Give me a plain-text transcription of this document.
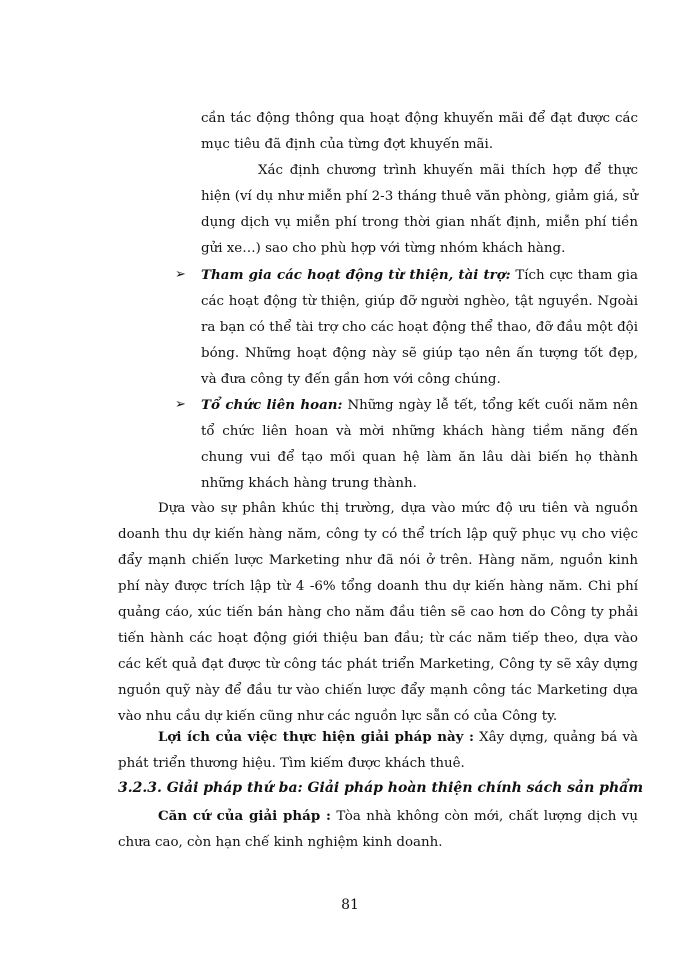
cần tác động thông qua hoạt động khuyến mãi để đạt được các mục tiêu đã định của từng đợt khuyến mãi.

Xác định chương trình khuyến mãi thích hợp để thực hiện (ví dụ như miễn phí 2-3 tháng thuê văn phòng, giảm giá, sử dụng dịch vụ miễn phí trong thời gian nhất định, miễn phí tiền gửi xe…) sao cho phù hợp với từng nhóm khách hàng.

➢ Tham gia các hoạt động từ thiện, tài trợ: Tích cực tham gia các hoạt động từ thiện, giúp đỡ người nghèo, tật nguyền. Ngoài ra bạn có thể tài trợ cho các hoạt động thể thao, đỡ đầu một đội bóng. Những hoạt động này sẽ giúp tạo nên ấn tượng tốt đẹp, và đưa công ty đến gần hơn với công chúng.
➢ Tổ chức liên hoan: Những ngày lễ tết, tổng kết cuối năm nên tổ chức liên hoan và mời những khách hàng tiềm năng đến chung vui để tạo mối quan hệ làm ăn lâu dài biến họ thành những khách hàng trung thành.

Dựa vào sự phân khúc thị trường, dựa vào mức độ ưu tiên và nguồn doanh thu dự kiến hàng năm, công ty có thể trích lập quỹ phục vụ cho việc đẩy mạnh chiến lược Marketing như đã nói ở trên. Hàng năm, nguồn kinh phí này được trích lập từ 4 -6% tổng doanh thu dự kiến hàng năm. Chi phí quảng cáo, xúc tiến bán hàng cho năm đầu tiên sẽ cao hơn do Công ty phải tiến hành các hoạt động giới thiệu ban đầu; từ các năm tiếp theo, dựa vào các kết quả đạt được từ công tác phát triển Marketing, Công ty sẽ xây dựng nguồn quỹ này để đầu tư vào chiến lược đẩy mạnh công tác Marketing dựa vào nhu cầu dự kiến cũng như các nguồn lực sẵn có của Công ty.

Lợi ích của việc thực hiện giải pháp này : Xây dựng, quảng bá và phát triển thương hiệu. Tìm kiếm được khách thuê.

3.2.3. Giải pháp thứ ba: Giải pháp hoàn thiện chính sách sản phẩm

Căn cứ của giải pháp : Tòa nhà không còn mới, chất lượng dịch vụ chưa cao, còn hạn chế kinh nghiệm kinh doanh.

81
